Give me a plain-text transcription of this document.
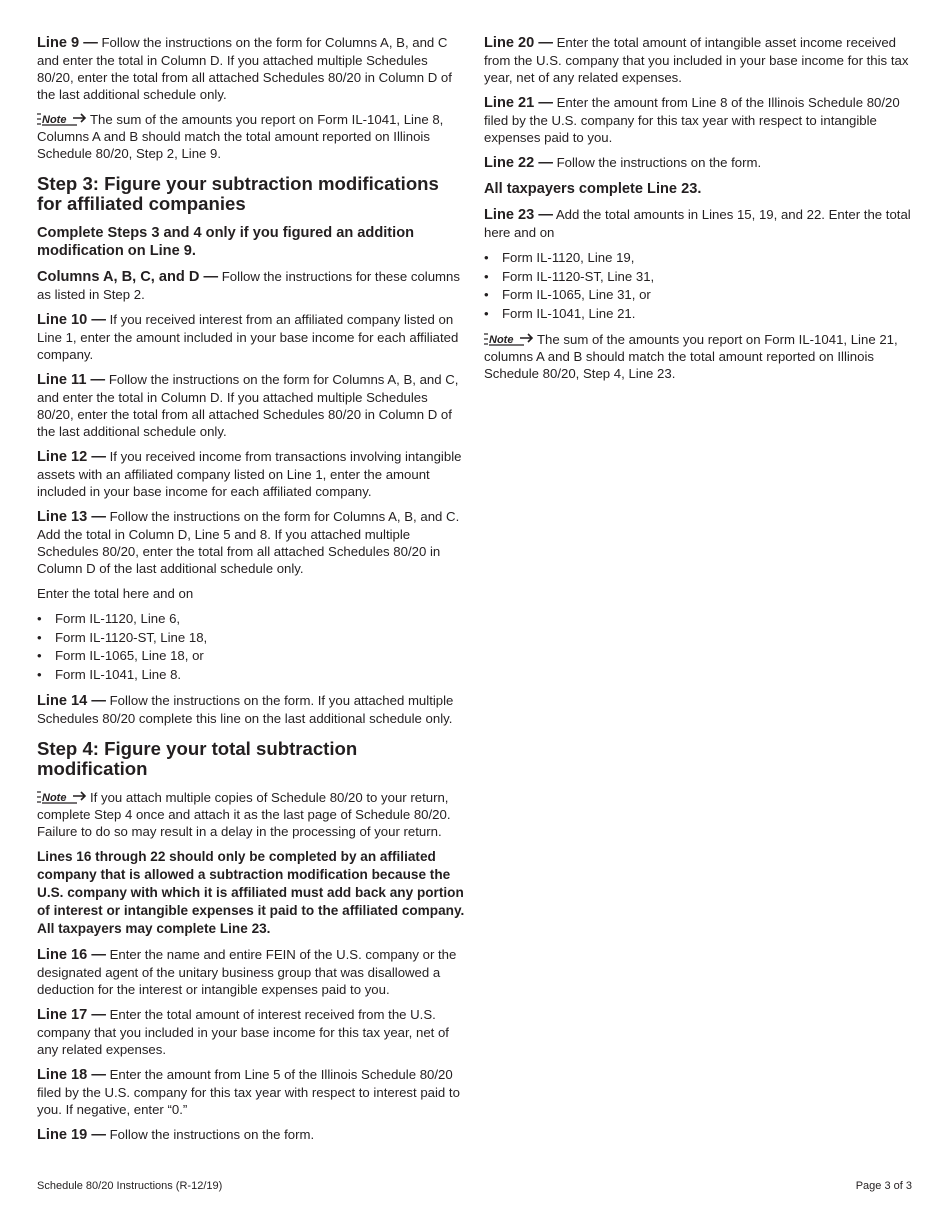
Line 9 — Follow the instructions on the form for Columns A, B, and C and enter the total in Column D. If you attached multiple Schedules 80/20, enter the total from all attached Schedules 80/20 in Column D of the last additional schedule only.

Note The sum of the amounts you report on Form IL-1041, Line 8, Columns A and B should match the total amount reported on Illinois Schedule 80/20, Step 2, Line 9.

Step 3: Figure your subtraction modifications for affiliated companies

Complete Steps 3 and 4 only if you figured an addition modification on Line 9.

Columns A, B, C, and D — Follow the instructions for these columns as listed in Step 2.

Line 10 — If you received interest from an affiliated company listed on Line 1, enter the amount included in your base income for each affiliated company.

Line 11 — Follow the instructions on the form for Columns A, B, and C, and enter the total in Column D. If you attached multiple Schedules 80/20, enter the total from all attached Schedules 80/20 in Column D of the last additional schedule only.

Line 12 — If you received income from transactions involving intangible assets with an affiliated company listed on Line 1, enter the amount included in your base income for each affiliated company.

Line 13 — Follow the instructions on the form for Columns A, B, and C. Add the total in Column D, Line 5 and 8. If you attached multiple Schedules 80/20, enter the total from all attached Schedules 80/20 in Column D of the last additional schedule only.

Enter the total here and on

• Form IL-1120, Line 6,
• Form IL-1120-ST, Line 18,
• Form IL-1065, Line 18, or
• Form IL-1041, Line 8.

Line 14 — Follow the instructions on the form. If you attached multiple Schedules 80/20 complete this line on the last additional schedule only.

Step 4: Figure your total subtraction modification

Note If you attach multiple copies of Schedule 80/20 to your return, complete Step 4 once and attach it as the last page of Schedule 80/20. Failure to do so may result in a delay in the processing of your return.

Lines 16 through 22 should only be completed by an affiliated company that is allowed a subtraction modification because the U.S. company with which it is affiliated must add back any portion of interest or intangible expenses it paid to the affiliated company. All taxpayers may complete Line 23.

Line 16 — Enter the name and entire FEIN of the U.S. company or the designated agent of the unitary business group that was disallowed a deduction for the interest or intangible expenses paid to you.

Line 17 — Enter the total amount of interest received from the U.S. company that you included in your base income for this tax year, net of any related expenses.

Line 18 — Enter the amount from Line 5 of the Illinois Schedule 80/20 filed by the U.S. company for this tax year with respect to interest paid to you. If negative, enter “0.”

Line 19 — Follow the instructions on the form.

Line 20 — Enter the total amount of intangible asset income received from the U.S. company that you included in your base income for this tax year, net of any related expenses.

Line 21 — Enter the amount from Line 8 of the Illinois Schedule 80/20 filed by the U.S. company for this tax year with respect to intangible expenses paid to you.

Line 22 — Follow the instructions on the form.

All taxpayers complete Line 23.

Line 23 — Add the total amounts in Lines 15, 19, and 22. Enter the total here and on

• Form IL-1120, Line 19,
• Form IL-1120-ST, Line 31,
• Form IL-1065, Line 31, or
• Form IL-1041, Line 21.

Note The sum of the amounts you report on Form IL-1041, Line 21, columns A and B should match the total amount reported on Illinois Schedule 80/20, Step 4, Line 23.

Schedule 80/20 Instructions (R-12/19)	Page 3 of 3
